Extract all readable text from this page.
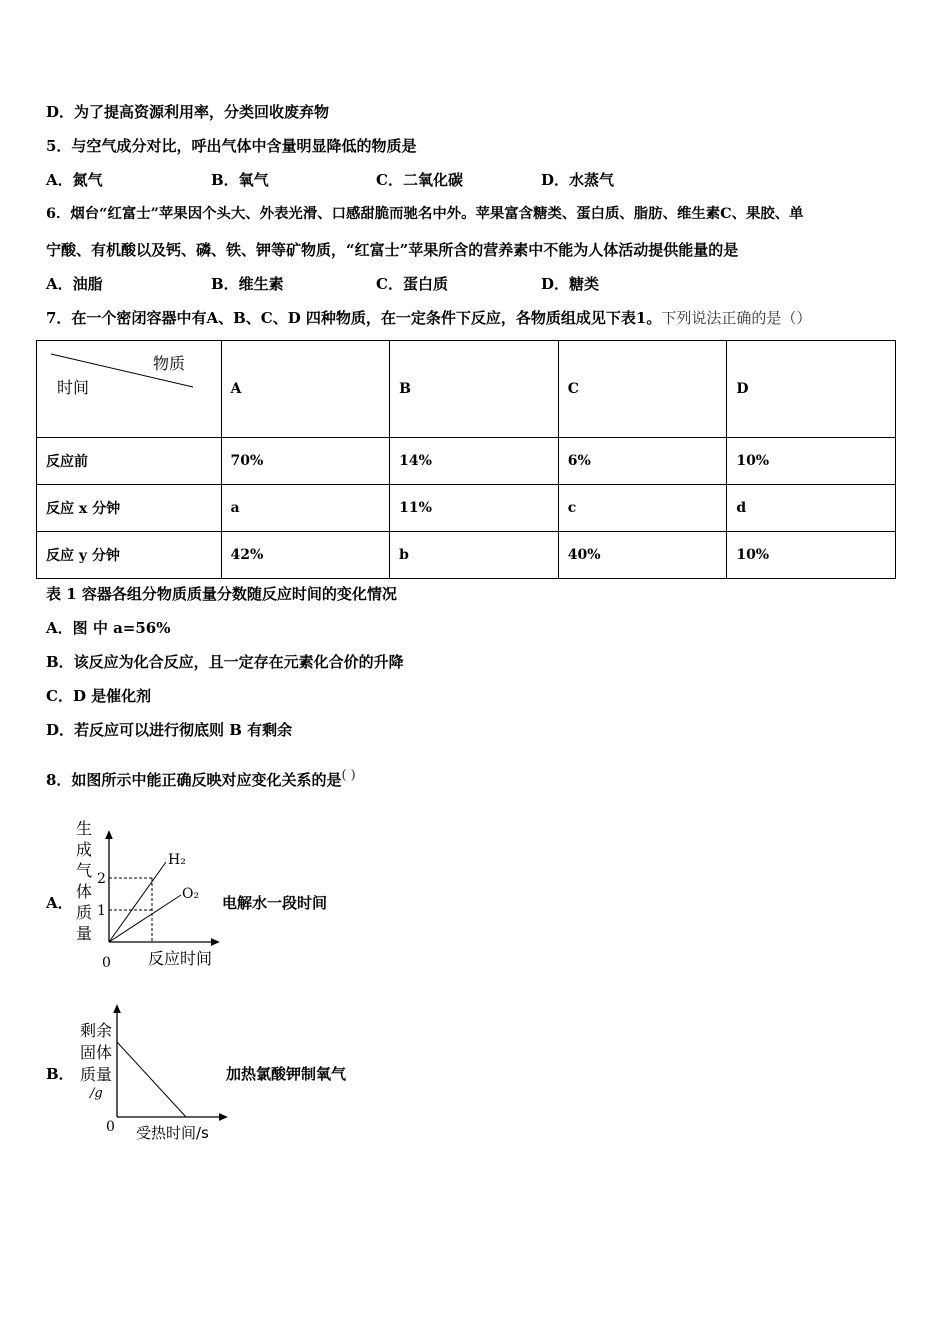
D．为了提高资源利用率，分类回收废弃物
5．与空气成分对比，呼出气体中含量明显降低的物质是
A．氮气	B．氧气	C．二氧化碳	D．水蒸气
6．烟台“红富士”苹果因个头大、外表光滑、口感甜脆而驰名中外。苹果富含糖类、蛋白质、脂肪、维生素C、果胶、单
宁酸、有机酸以及钙、磷、铁、钾等矿物质，“红富士”苹果所含的营养素中不能为人体活动提供能量的是
A．油脂	B．维生素	C．蛋白质	D．糖类
7．在一个密闭容器中有A、B、C、D 四种物质，在一定条件下反应，各物质组成见下表1。下列说法正确的是（）
物质
时间	A	B	C	D
反应前	70%	14%	6%	10%
反应 x 分钟	a	11%	c	d
反应 y 分钟	42%	b	40%	10%
表 1 容器各组分物质质量分数随反应时间的变化情况
A．图 中 a=56%
B．该反应为化合反应，且一定存在元素化合价的升降
C．D 是催化剂
D．若反应可以进行彻底则 B 有剩余
8．如图所示中能正确反映对应变化关系的是( )
A．	电解水一段时间
生
成
气
体
质
量
2
1
0
H₂
O₂
反应时间
B．	加热氯酸钾制氧气
剩余
固体
质量
/g
0 受热时间/s
